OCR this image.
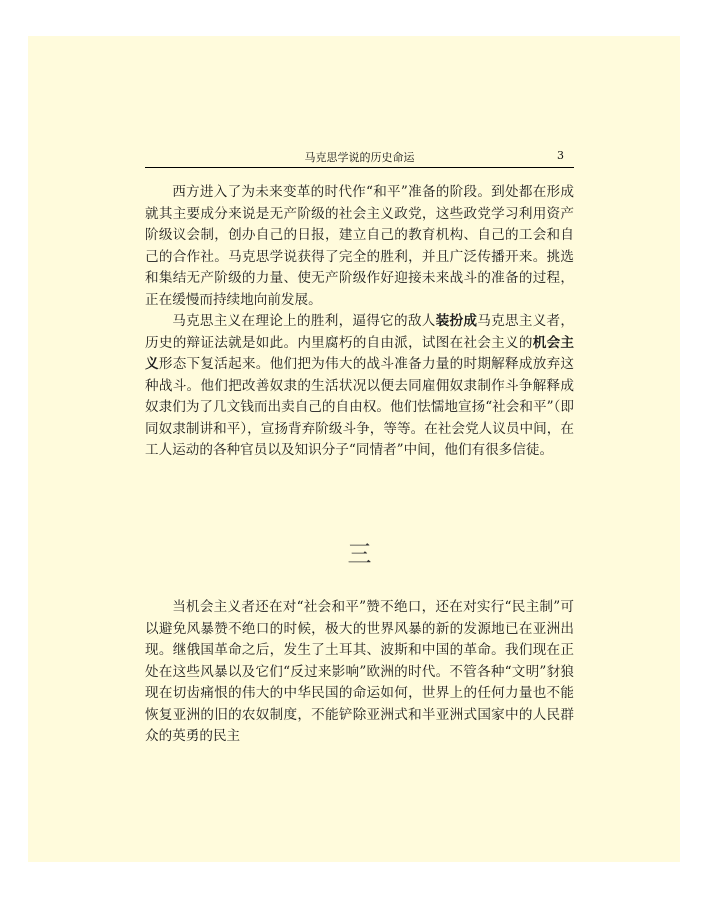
马克思学说的历史命运	3

西方进入了为未来变革的时代作“和平”准备的阶段。到处都在形成就其主要成分来说是无产阶级的社会主义政党，这些政党学习利用资产阶级议会制，创办自己的日报，建立自己的教育机构、自己的工会和自己的合作社。马克思学说获得了完全的胜利，并且广泛传播开来。挑选和集结无产阶级的力量、使无产阶级作好迎接未来战斗的准备的过程，正在缓慢而持续地向前发展。

马克思主义在理论上的胜利，逼得它的敌人装扮成马克思主义者，历史的辩证法就是如此。内里腐朽的自由派，试图在社会主义的机会主义形态下复活起来。他们把为伟大的战斗准备力量的时期解释成放弃这种战斗。他们把改善奴隶的生活状况以便去同雇佣奴隶制作斗争解释成奴隶们为了几文钱而出卖自己的自由权。他们怯懦地宣扬“社会和平”（即同奴隶制讲和平），宣扬背弃阶级斗争，等等。在社会党人议员中间，在工人运动的各种官员以及知识分子“同情者”中间，他们有很多信徒。

三

当机会主义者还在对“社会和平”赞不绝口，还在对实行“民主制”可以避免风暴赞不绝口的时候，极大的世界风暴的新的发源地已在亚洲出现。继俄国革命之后，发生了土耳其、波斯和中国的革命。我们现在正处在这些风暴以及它们“反过来影响”欧洲的时代。不管各种“文明”豺狼现在切齿痛恨的伟大的中华民国的命运如何，世界上的任何力量也不能恢复亚洲的旧的农奴制度，不能铲除亚洲式和半亚洲式国家中的人民群众的英勇的民主
